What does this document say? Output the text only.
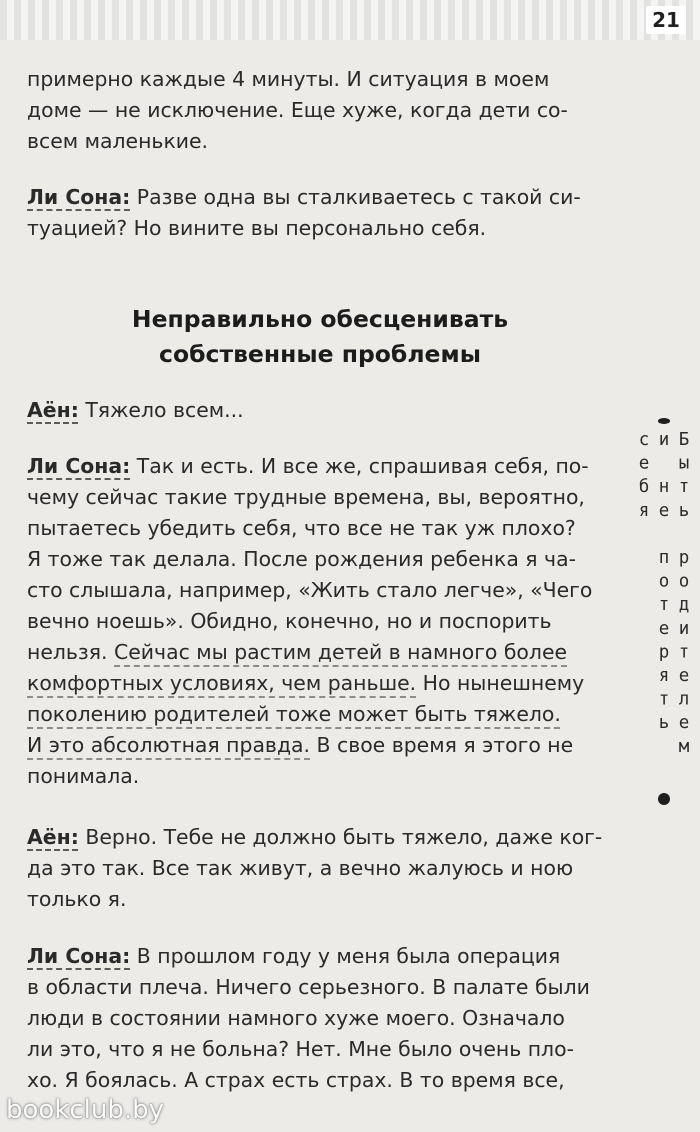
21
примерно каждые 4 минуты. И ситуация в моем
доме — не исключение. Еще хуже, когда дети со-
всем маленькие.
Ли Сона: Разве одна вы сталкиваетесь с такой си-
туацией? Но вините вы персонально себя.
Неправильно обесценивать
собственные проблемы
Аён: Тяжело всем...
Ли Сона: Так и есть. И все же, спрашивая себя, по-
чему сейчас такие трудные времена, вы, вероятно,
пытаетесь убедить себя, что все не так уж плохо?
Я тоже так делала. После рождения ребенка я ча-
сто слышала, например, «Жить стало легче», «Чего
вечно ноешь». Обидно, конечно, но и поспорить
нельзя. Сейчас мы растим детей в намного более
комфортных условиях, чем раньше. Но нынешнему
поколению родителей тоже может быть тяжело.
И это абсолютная правда. В свое время я этого не
понимала.
Аён: Верно. Тебе не должно быть тяжело, даже ког-
да это так. Все так живут, а вечно жалуюсь и ною
только я.
Ли Сона: В прошлом году у меня была операция
в области плеча. Ничего серьезного. В палате были
люди в состоянии намного хуже моего. Означало
ли это, что я не больна? Нет. Мне было очень пло-
хо. Я боялась. А страх есть страх. В то время все,
Быть родителем и не потерять себя
bookclub.by
